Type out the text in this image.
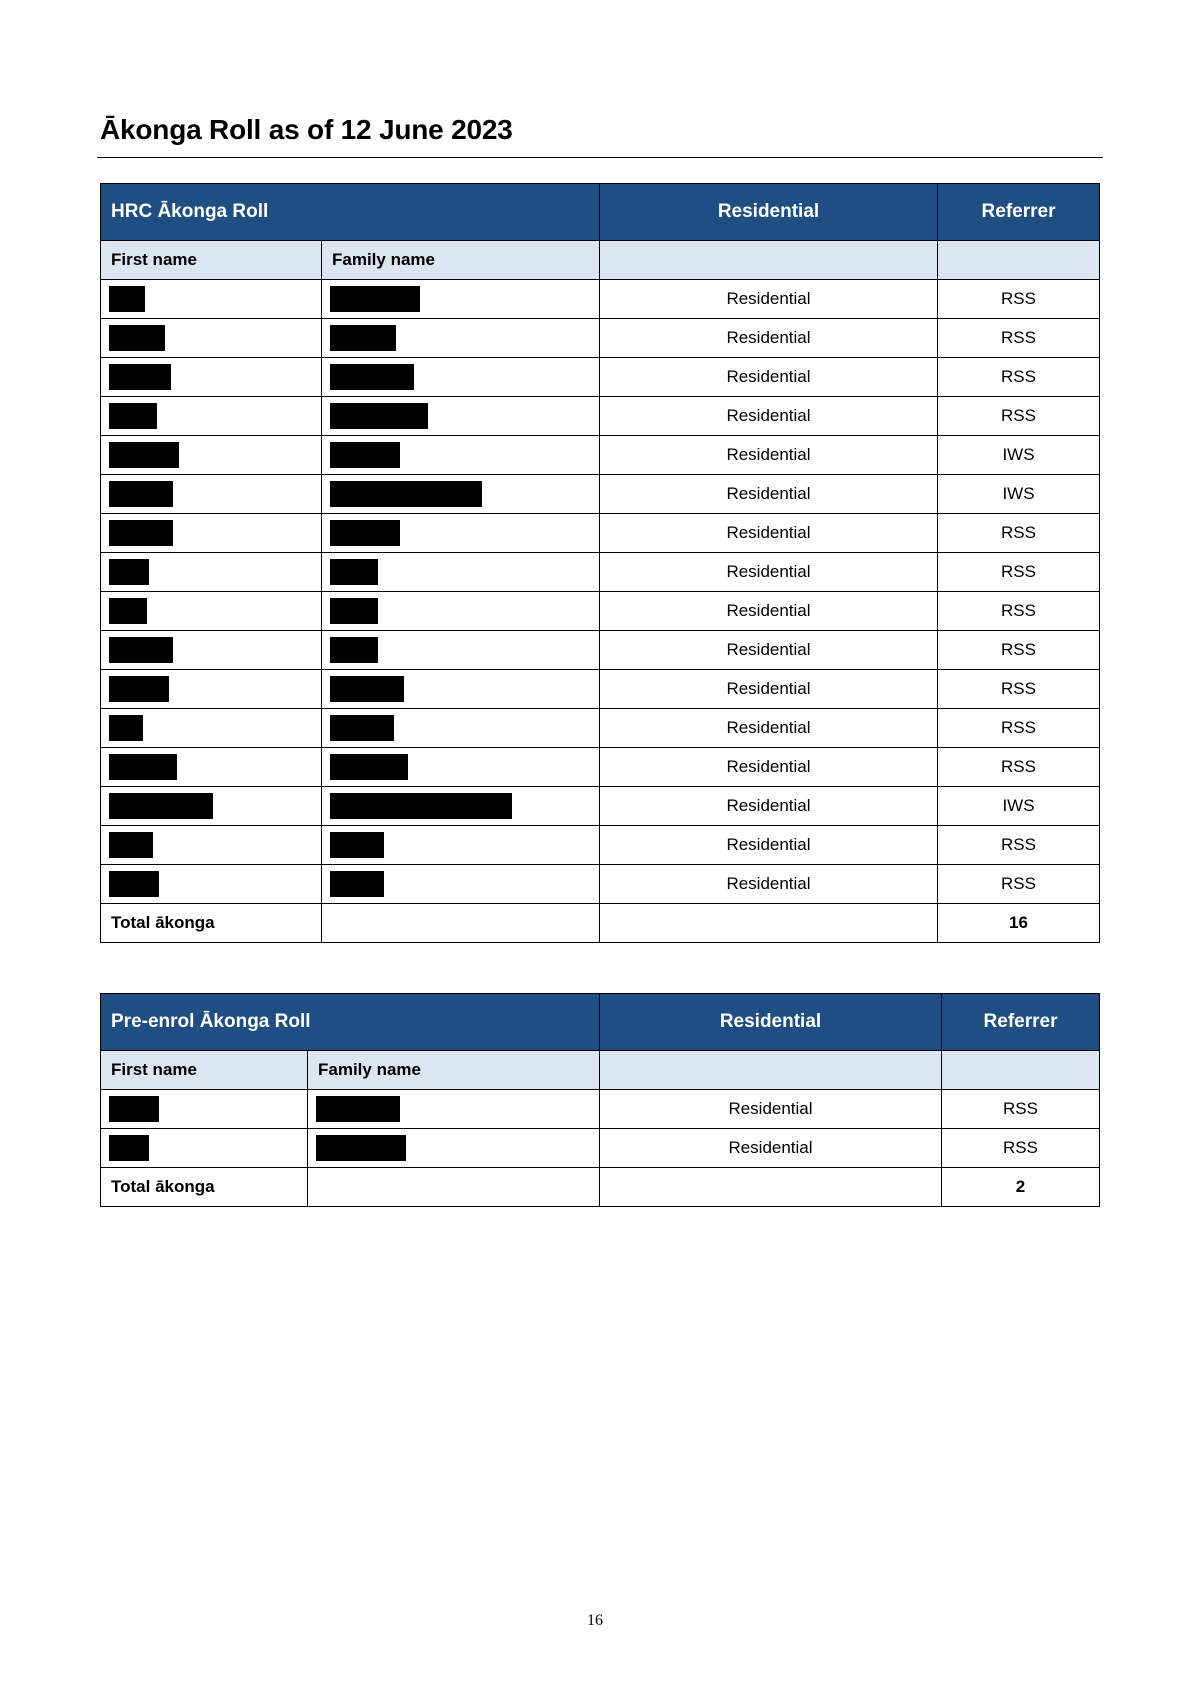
Ākonga Roll as of 12 June 2023
HRC Ākonga Roll		Residential	Referrer
First name	Family name		
		Residential	RSS
		Residential	RSS
		Residential	RSS
		Residential	RSS
		Residential	IWS
		Residential	IWS
		Residential	RSS
		Residential	RSS
		Residential	RSS
		Residential	RSS
		Residential	RSS
		Residential	RSS
		Residential	RSS
		Residential	IWS
		Residential	RSS
		Residential	RSS
Total ākonga			16
Pre-enrol Ākonga Roll		Residential	Referrer
First name	Family name		
		Residential	RSS
		Residential	RSS
Total ākonga			2
16
